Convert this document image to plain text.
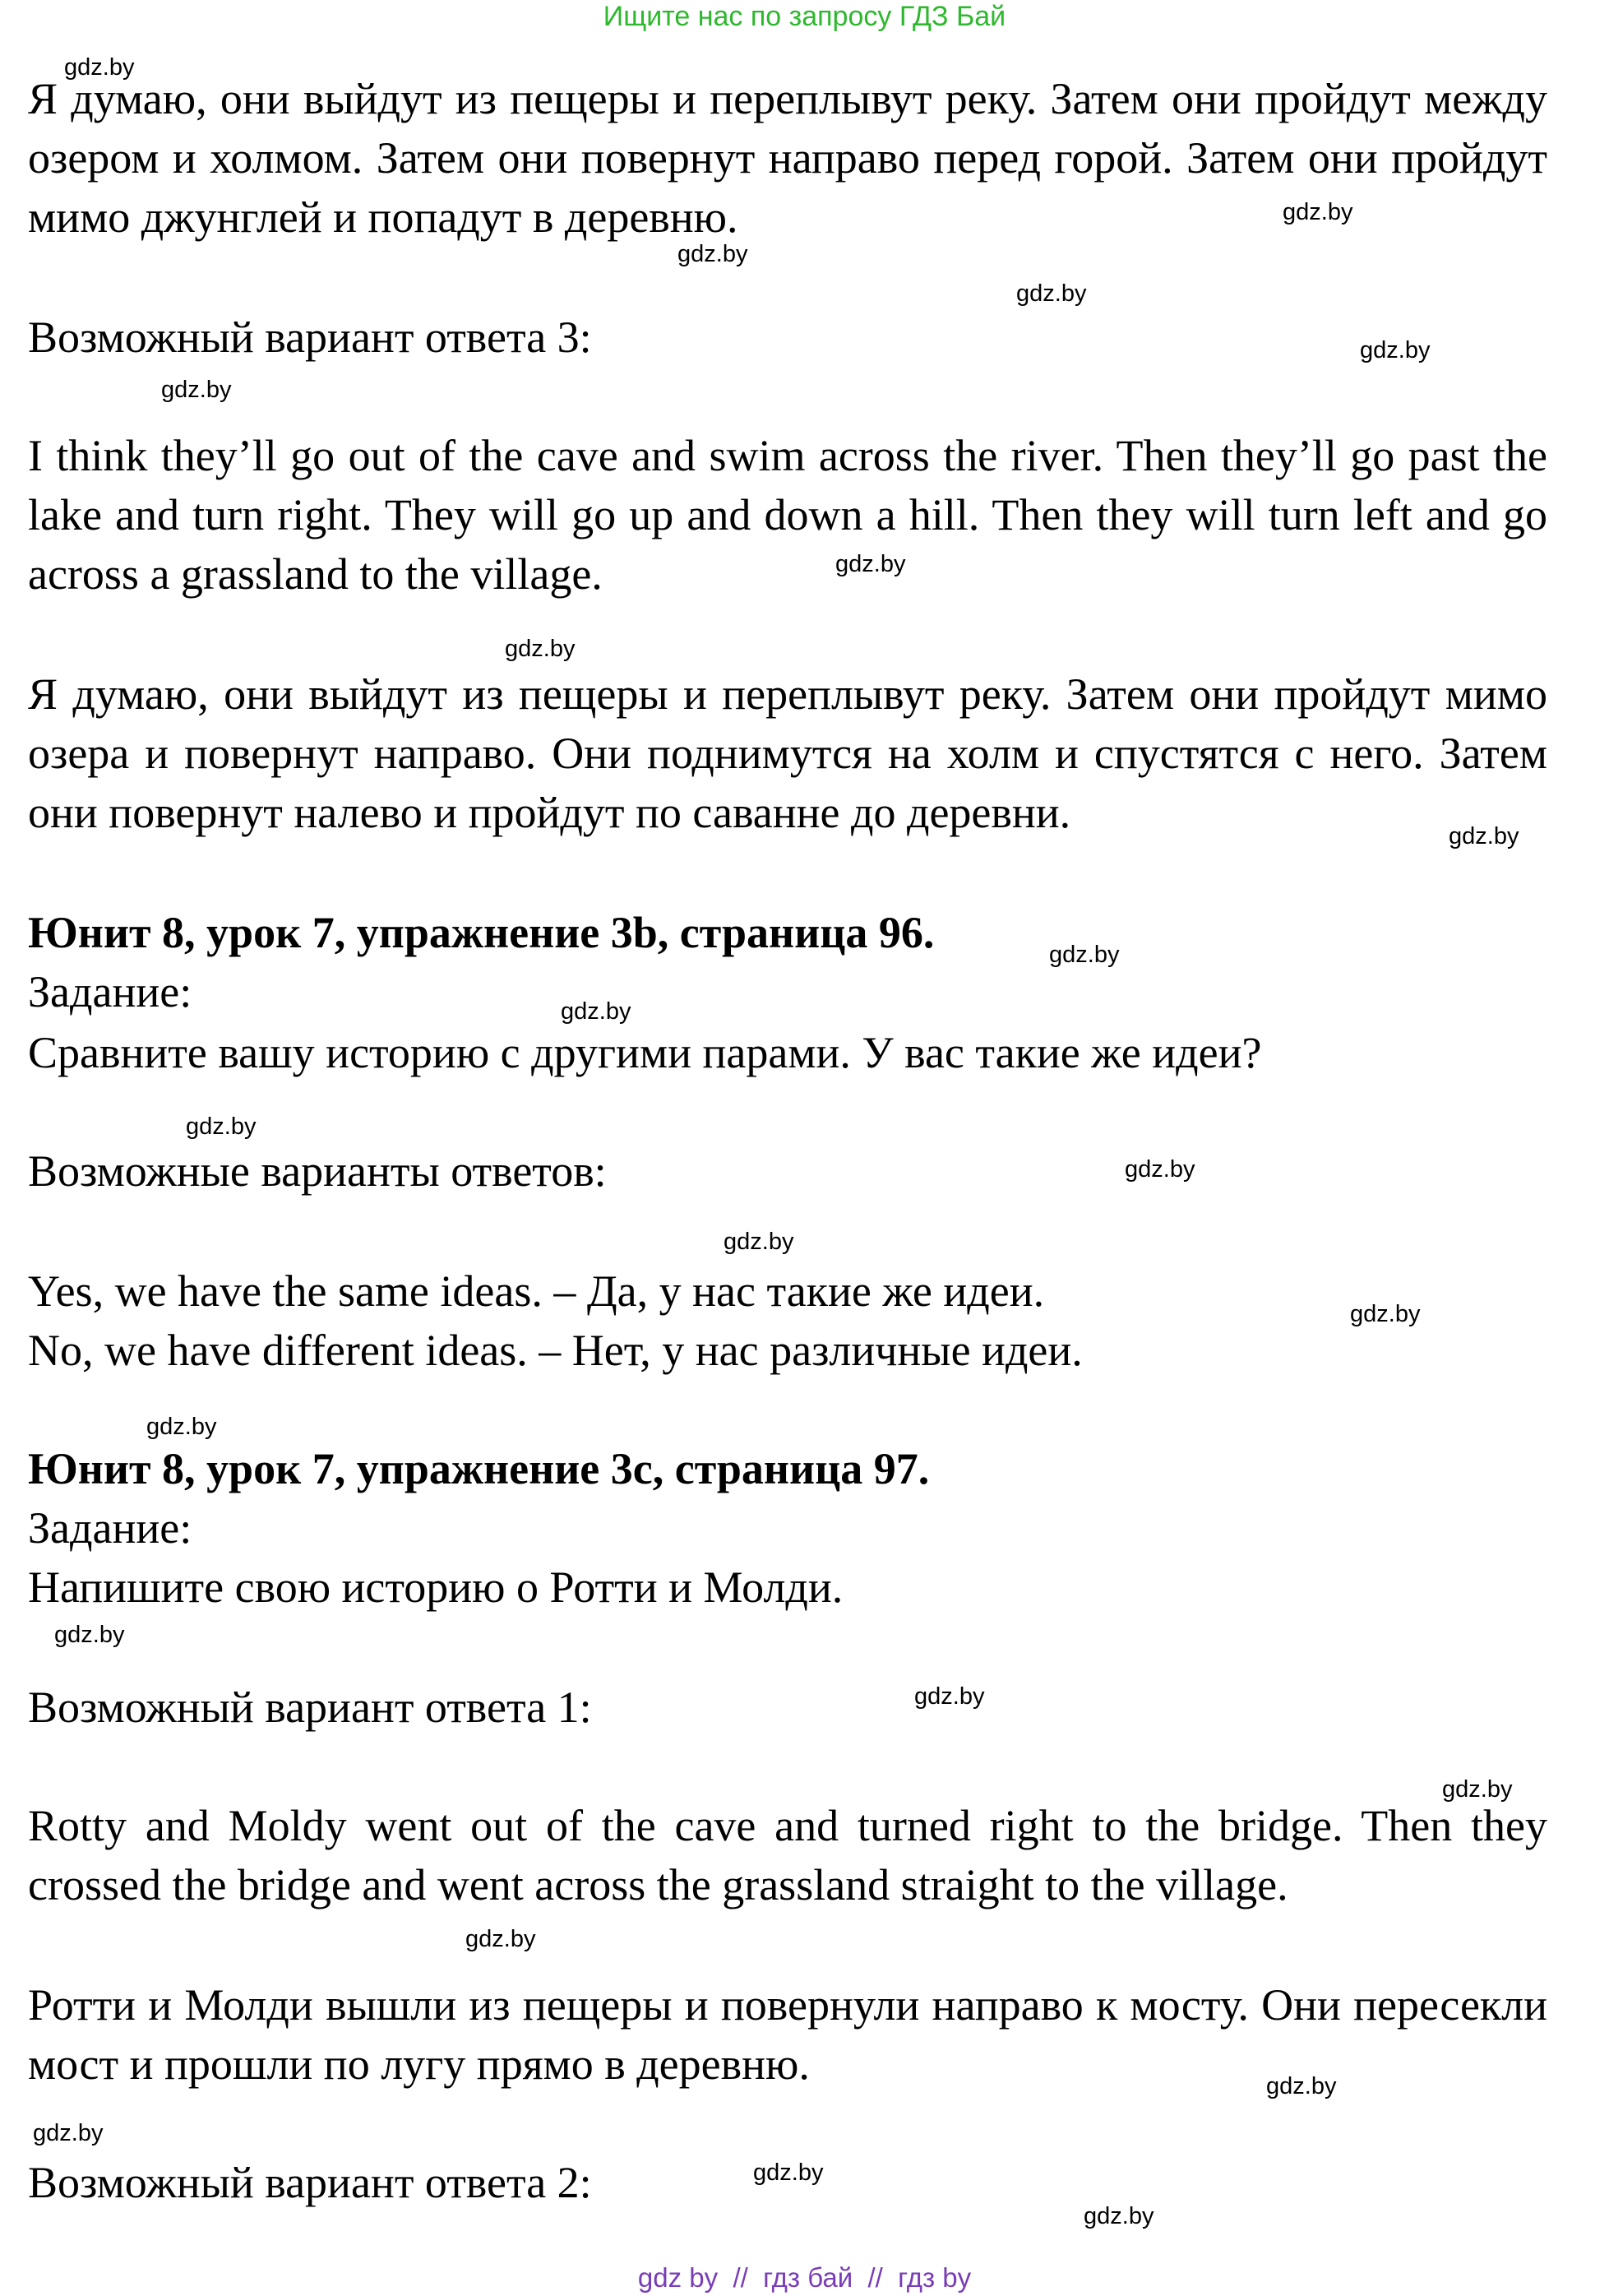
Ищите нас по запросу ГДЗ Бай
gdz.by
gdz.by
gdz.by
gdz.by
gdz.by
gdz.by
gdz.by
gdz.by
gdz.by
gdz.by
gdz.by
gdz.by
gdz.by
gdz.by
gdz.by
gdz.by
gdz.by
gdz.by
gdz.by
gdz.by
gdz.by
gdz.by
gdz.by
gdz.by
Я думаю, они выйдут из пещеры и переплывут реку. Затем они пройдут между озером и холмом. Затем они повернут направо перед горой. Затем они пройдут мимо джунглей и попадут в деревню.
Возможный вариант ответа 3:
I think they’ll go out of the cave and swim across the river. Then they’ll go past the lake and turn right. They will go up and down a hill. Then they will turn left and go across a grassland to the village.
Я думаю, они выйдут из пещеры и переплывут реку. Затем они пройдут мимо озера и повернут направо. Они поднимутся на холм и спустятся с него. Затем они повернут налево и пройдут по саванне до деревни.
Юнит 8, урок 7, упражнение 3b, страница 96.
Задание:
Сравните вашу историю с другими парами. У вас такие же идеи?
Возможные варианты ответов:
Yes, we have the same ideas. – Да, у нас такие же идеи.
No, we have different ideas. – Нет, у нас различные идеи.
Юнит 8, урок 7, упражнение 3c, страница 97.
Задание:
Напишите свою историю о Ротти и Молди.
Возможный вариант ответа 1:
Rotty and Moldy went out of the cave and turned right to the bridge. Then they crossed the bridge and went across the grassland straight to the village.
Ротти и Молди вышли из пещеры и повернули направо к мосту. Они пересекли мост и прошли по лугу прямо в деревню.
Возможный вариант ответа 2:
gdz by  //  гдз бай  //  гдз by
